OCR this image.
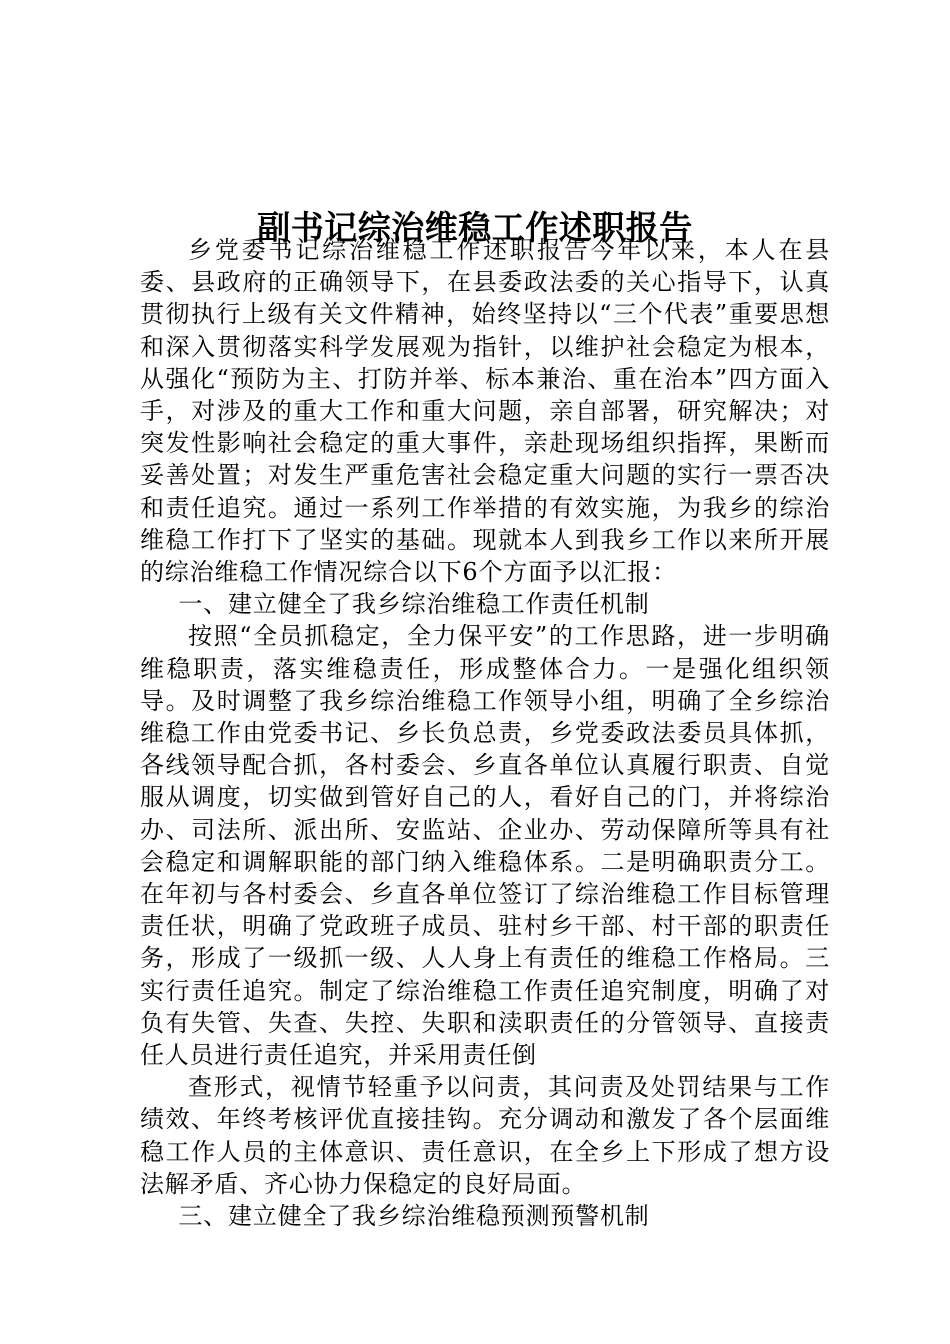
副书记综治维稳工作述职报告

乡党委书记综治维稳工作述职报告今年以来，本人在县委、县政府的正确领导下，在县委政法委的关心指导下，认真贯彻执行上级有关文件精神，始终坚持以“三个代表”重要思想和深入贯彻落实科学发展观为指针，以维护社会稳定为根本，从强化“预防为主、打防并举、标本兼治、重在治本”四方面入手，对涉及的重大工作和重大问题，亲自部署，研究解决；对突发性影响社会稳定的重大事件，亲赴现场组织指挥，果断而妥善处置；对发生严重危害社会稳定重大问题的实行一票否决和责任追究。通过一系列工作举措的有效实施，为我乡的综治维稳工作打下了坚实的基础。现就本人到我乡工作以来所开展的综治维稳工作情况综合以下6个方面予以汇报：

一、建立健全了我乡综治维稳工作责任机制

按照“全员抓稳定，全力保平安”的工作思路，进一步明确维稳职责，落实维稳责任，形成整体合力。一是强化组织领导。及时调整了我乡综治维稳工作领导小组，明确了全乡综治维稳工作由党委书记、乡长负总责，乡党委政法委员具体抓，各线领导配合抓，各村委会、乡直各单位认真履行职责、自觉服从调度，切实做到管好自己的人，看好自己的门，并将综治办、司法所、派出所、安监站、企业办、劳动保障所等具有社会稳定和调解职能的部门纳入维稳体系。二是明确职责分工。在年初与各村委会、乡直各单位签订了综治维稳工作目标管理责任状，明确了党政班子成员、驻村乡干部、村干部的职责任务，形成了一级抓一级、人人身上有责任的维稳工作格局。三实行责任追究。制定了综治维稳工作责任追究制度，明确了对负有失管、失查、失控、失职和渎职责任的分管领导、直接责任人员进行责任追究，并采用责任倒

查形式，视情节轻重予以问责，其问责及处罚结果与工作绩效、年终考核评优直接挂钩。充分调动和激发了各个层面维稳工作人员的主体意识、责任意识，在全乡上下形成了想方设法解矛盾、齐心协力保稳定的良好局面。

三、建立健全了我乡综治维稳预测预警机制
